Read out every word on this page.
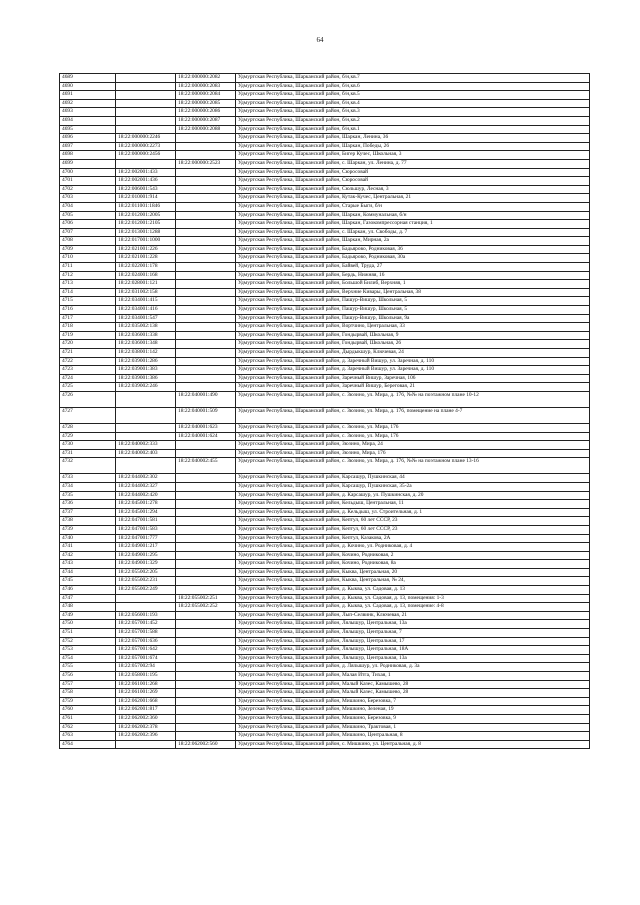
64
4689		18:22:000000:2082	Удмуртская Республика, Шарканский район, б/н,кв.7
4690		18:22:000000:2083	Удмуртская Республика, Шарканский район, б/н,кв.6
4691		18:22:000000:2084	Удмуртская Республика, Шарканский район, б/н,кв.5
4692		18:22:000000:2085	Удмуртская Республика, Шарканский район, б/н,кв.4
4693		18:22:000000:2086	Удмуртская Республика, Шарканский район, б/н,кв.3
4694		18:22:000000:2087	Удмуртская Республика, Шарканский район, б/н,кв.2
4695		18:22:000000:2088	Удмуртская Республика, Шарканский район, б/н,кв.1
4696	18:22:000000:2246		Удмуртская Республика, Шарканский район, Шаркан, Ленина, 36
4697	18:22:000000:2273		Удмуртская Республика, Шарканский район, Шаркан, Победы, 26
4698	18:22:000000:2456		Удмуртская Республика, Шарканский район, Бигер Кучес, Школьная, 3
4699		18:22:000000:2523	Удмуртская Республика, Шарканский район, с. Шаркан, ул. Ленина, д. 77
4700	18:22:002001:433		Удмуртская Республика, Шарканский район, Сюросовай
4701	18:22:002001:436		Удмуртская Республика, Шарканский район, Сюросовай
4702	18:22:006001:543		Удмуртская Республика, Шарканский район, Сюльшур, Лесная, 3
4703	18:22:010001:914		Удмуртская Республика, Шарканский район, Кутак-Кучес, Центральная, 21
4704	18:22:011001:1846		Удмуртская Республика, Шарканский район, Старые Быги, б/н
4705	18:22:012001:2005		Удмуртская Республика, Шарканский район, Шаркан, Коммунальная, б/н
4706	18:22:012001:2105		Удмуртская Республика, Шарканский район, Шаркан, Газокомпрессорная станция, 1
4707	18:22:013001:1288		Удмуртская Республика, Шарканский район, с. Шаркан, ул. Свободы, д. 7
4708	18:22:017001:1000		Удмуртская Республика, Шарканский район, Шаркан, Мирная, 2а
4709	18:22:021001:226		Удмуртская Республика, Шарканский район, Бадьярово, Родниковая, 36
4710	18:22:021001:228		Удмуртская Республика, Шарканский район, Бадьярово, Родниковая, 30а
4711	18:22:022001:178		Удмуртская Республика, Шарканский район, Байвей, Труда, 27
4712	18:22:024001:168		Удмуртская Республика, Шарканский район, Бердь, Нижняя, 16
4713	18:22:028001:121		Удмуртская Республика, Шарканский район, Большой Билиб, Верхняя, 1
4714	18:22:031002:158		Удмуртская Республика, Шарканский район, Верхние Кивары, Центральная, 38
4715	18:22:034001:415		Удмуртская Республика, Шарканский район, Пашур-Вишур, Школьная, 5
4716	18:22:034001:416		Удмуртская Республика, Шарканский район, Пашур-Вишур, Школьная, 5
4717	18:22:034001:547		Удмуртская Республика, Шарканский район, Пашур-Вишур, Школьная, 9а
4718	18:22:035002:138		Удмуртская Республика, Шарканский район, Вортчино, Центральная, 33
4719	18:22:036001:338		Удмуртская Республика, Шарканский район, Гондырвай, Школьная, 9
4720	18:22:036001:348		Удмуртская Республика, Шарканский район, Гондырвай, Школьная, 26
4721	18:22:038001:142		Удмуртская Республика, Шарканский район, Дырдыкшур, Ключевая, 24
4722	18:22:039001:286		Удмуртская Республика, Шарканский район, д. Заречный Вишур, ул. Заречная, д. 110
4723	18:22:039001:383		Удмуртская Республика, Шарканский район, д. Заречный Вишур, ул. Заречная, д. 110
4724	18:22:039001:386		Удмуртская Республика, Шарканский район, Заречный Вишур, Заречная, 106
4725	18:22:039002:246		Удмуртская Республика, Шарканский район, Заречный Вишур, Береговая, 21
4726		18:22:040001:490	Удмуртская Республика, Шарканский район, с. Зюзино, ул. Мира, д. 176, №№ на поэтажном плане 10-12
4727		18:22:040001:509	Удмуртская Республика, Шарканский район, с. Зюзино, ул. Мира, д. 176, помещение на плане 4-7
4728		18:22:040001:623	Удмуртская Республика, Шарканский район, с. Зюзино, ул. Мира, 176
4729		18:22:040001:624	Удмуртская Республика, Шарканский район, с. Зюзино, ул. Мира, 176
4730	18:22:040002:333		Удмуртская Республика, Шарканский район, Зюзино, Мира, 24
4731	18:22:040002:403		Удмуртская Республика, Шарканский район, Зюзино, Мира, 176
4732		18:22:040002:455	Удмуртская Республика, Шарканский район, с. Зюзино, ул. Мира, д. 176, №№ на поэтажном плане 13-16
4733	18:22:044002:302		Удмуртская Республика, Шарканский район, Карсашур, Пушкинская, 44
4734	18:22:044002:327		Удмуртская Республика, Шарканский район, Карсашур, Пушкинская, 35-2а
4735	18:22:044002:420		Удмуртская Республика, Шарканский район, д. Карсашур, ул. Пушкинская, д. 20
4736	18:22:045001:278		Удмуртская Республика, Шарканский район, Кельдыш, Центральная, 11
4737	18:22:045001:294		Удмуртская Республика, Шарканский район, д. Кельдыш, ул. Строительная, д. 1
4738	18:22:047001:581		Удмуртская Республика, Шарканский район, Кептул, 60 лет СССР, 23
4739	18:22:047001:583		Удмуртская Республика, Шарканский район, Кептул, 60 лет СССР, 23
4740	18:22:047001:777		Удмуртская Республика, Шарканский район, Кептул, Казакова, 2А
4741	18:22:049001:217		Удмуртская Республика, Шарканский район, д. Кочино, ул. Родниковая, д. 4
4742	18:22:049001:295		Удмуртская Республика, Шарканский район, Кочино, Родниковая, 2
4743	18:22:049001:329		Удмуртская Республика, Шарканский район, Кочино, Родниковая, 8а
4744	18:22:055002:205		Удмуртская Республика, Шарканский район, Кыква, Центральная, 20
4745	18:22:055002:231		Удмуртская Республика, Шарканский район, Кыква, Центральная, № 24,
4746	18:22:055002:249		Удмуртская Республика, Шарканский район, д. Кыква, ул. Садовая, д. 13
4747		18:22:055002:251	Удмуртская Республика, Шарканский район, д. Кыква, ул. Садовая, д. 13, помещения: 1-3
4748		18:22:055002:252	Удмуртская Республика, Шарканский район, д. Кыква, ул. Садовая, д. 13, помещение: 4-8
4749	18:22:056001:193		Удмуртская Республика, Шарканский район, Лып-Селвинк, Ключевая, 21
4750	18:22:057001:452		Удмуртская Республика, Шарканский район, Лялышур, Центральная, 13а
4751	18:22:057001:588		Удмуртская Республика, Шарканский район, Лялышур, Центральная, 7
4752	18:22:057001:636		Удмуртская Республика, Шарканский район, Лялышур, Центральная, 17
4753	18:22:057001:642		Удмуртская Республика, Шарканский район, Лялышур, Центральная, 18А
4754	18:22:057001:674		Удмуртская Республика, Шарканский район, Лялышур, Центральная, 13а
4755	18:22:057002:94		Удмуртская Республика, Шарканский район, д. Лялышур, ул. Родниковая, д. 3а
4756	18:22:058001:195		Удмуртская Республика, Шарканский район, Малая Итга, Тихая, 1
4757	18:22:061001:268		Удмуртская Республика, Шарканский район, Малый Казес, Камышево, 28
4758	18:22:061001:269		Удмуртская Республика, Шарканский район, Малый Казес, Камышево, 28
4759	18:22:062001:668		Удмуртская Республика, Шарканский район, Мишкино, Березовка, 7
4760	18:22:062001:817		Удмуртская Республика, Шарканский район, Мишкино, Зеленая, 19
4761	18:22:062002:360		Удмуртская Республика, Шарканский район, Мишкино, Березовка, 9
4762	18:22:062002:378		Удмуртская Республика, Шарканский район, Мишкино, Трактовая, 1
4763	18:22:062002:396		Удмуртская Республика, Шарканский район, Мишкино, Центральная, 8
4764		18:22:062002:560	Удмуртская Республика, Шарканский район, с. Мишкино, ул. Центральная, д. 8
